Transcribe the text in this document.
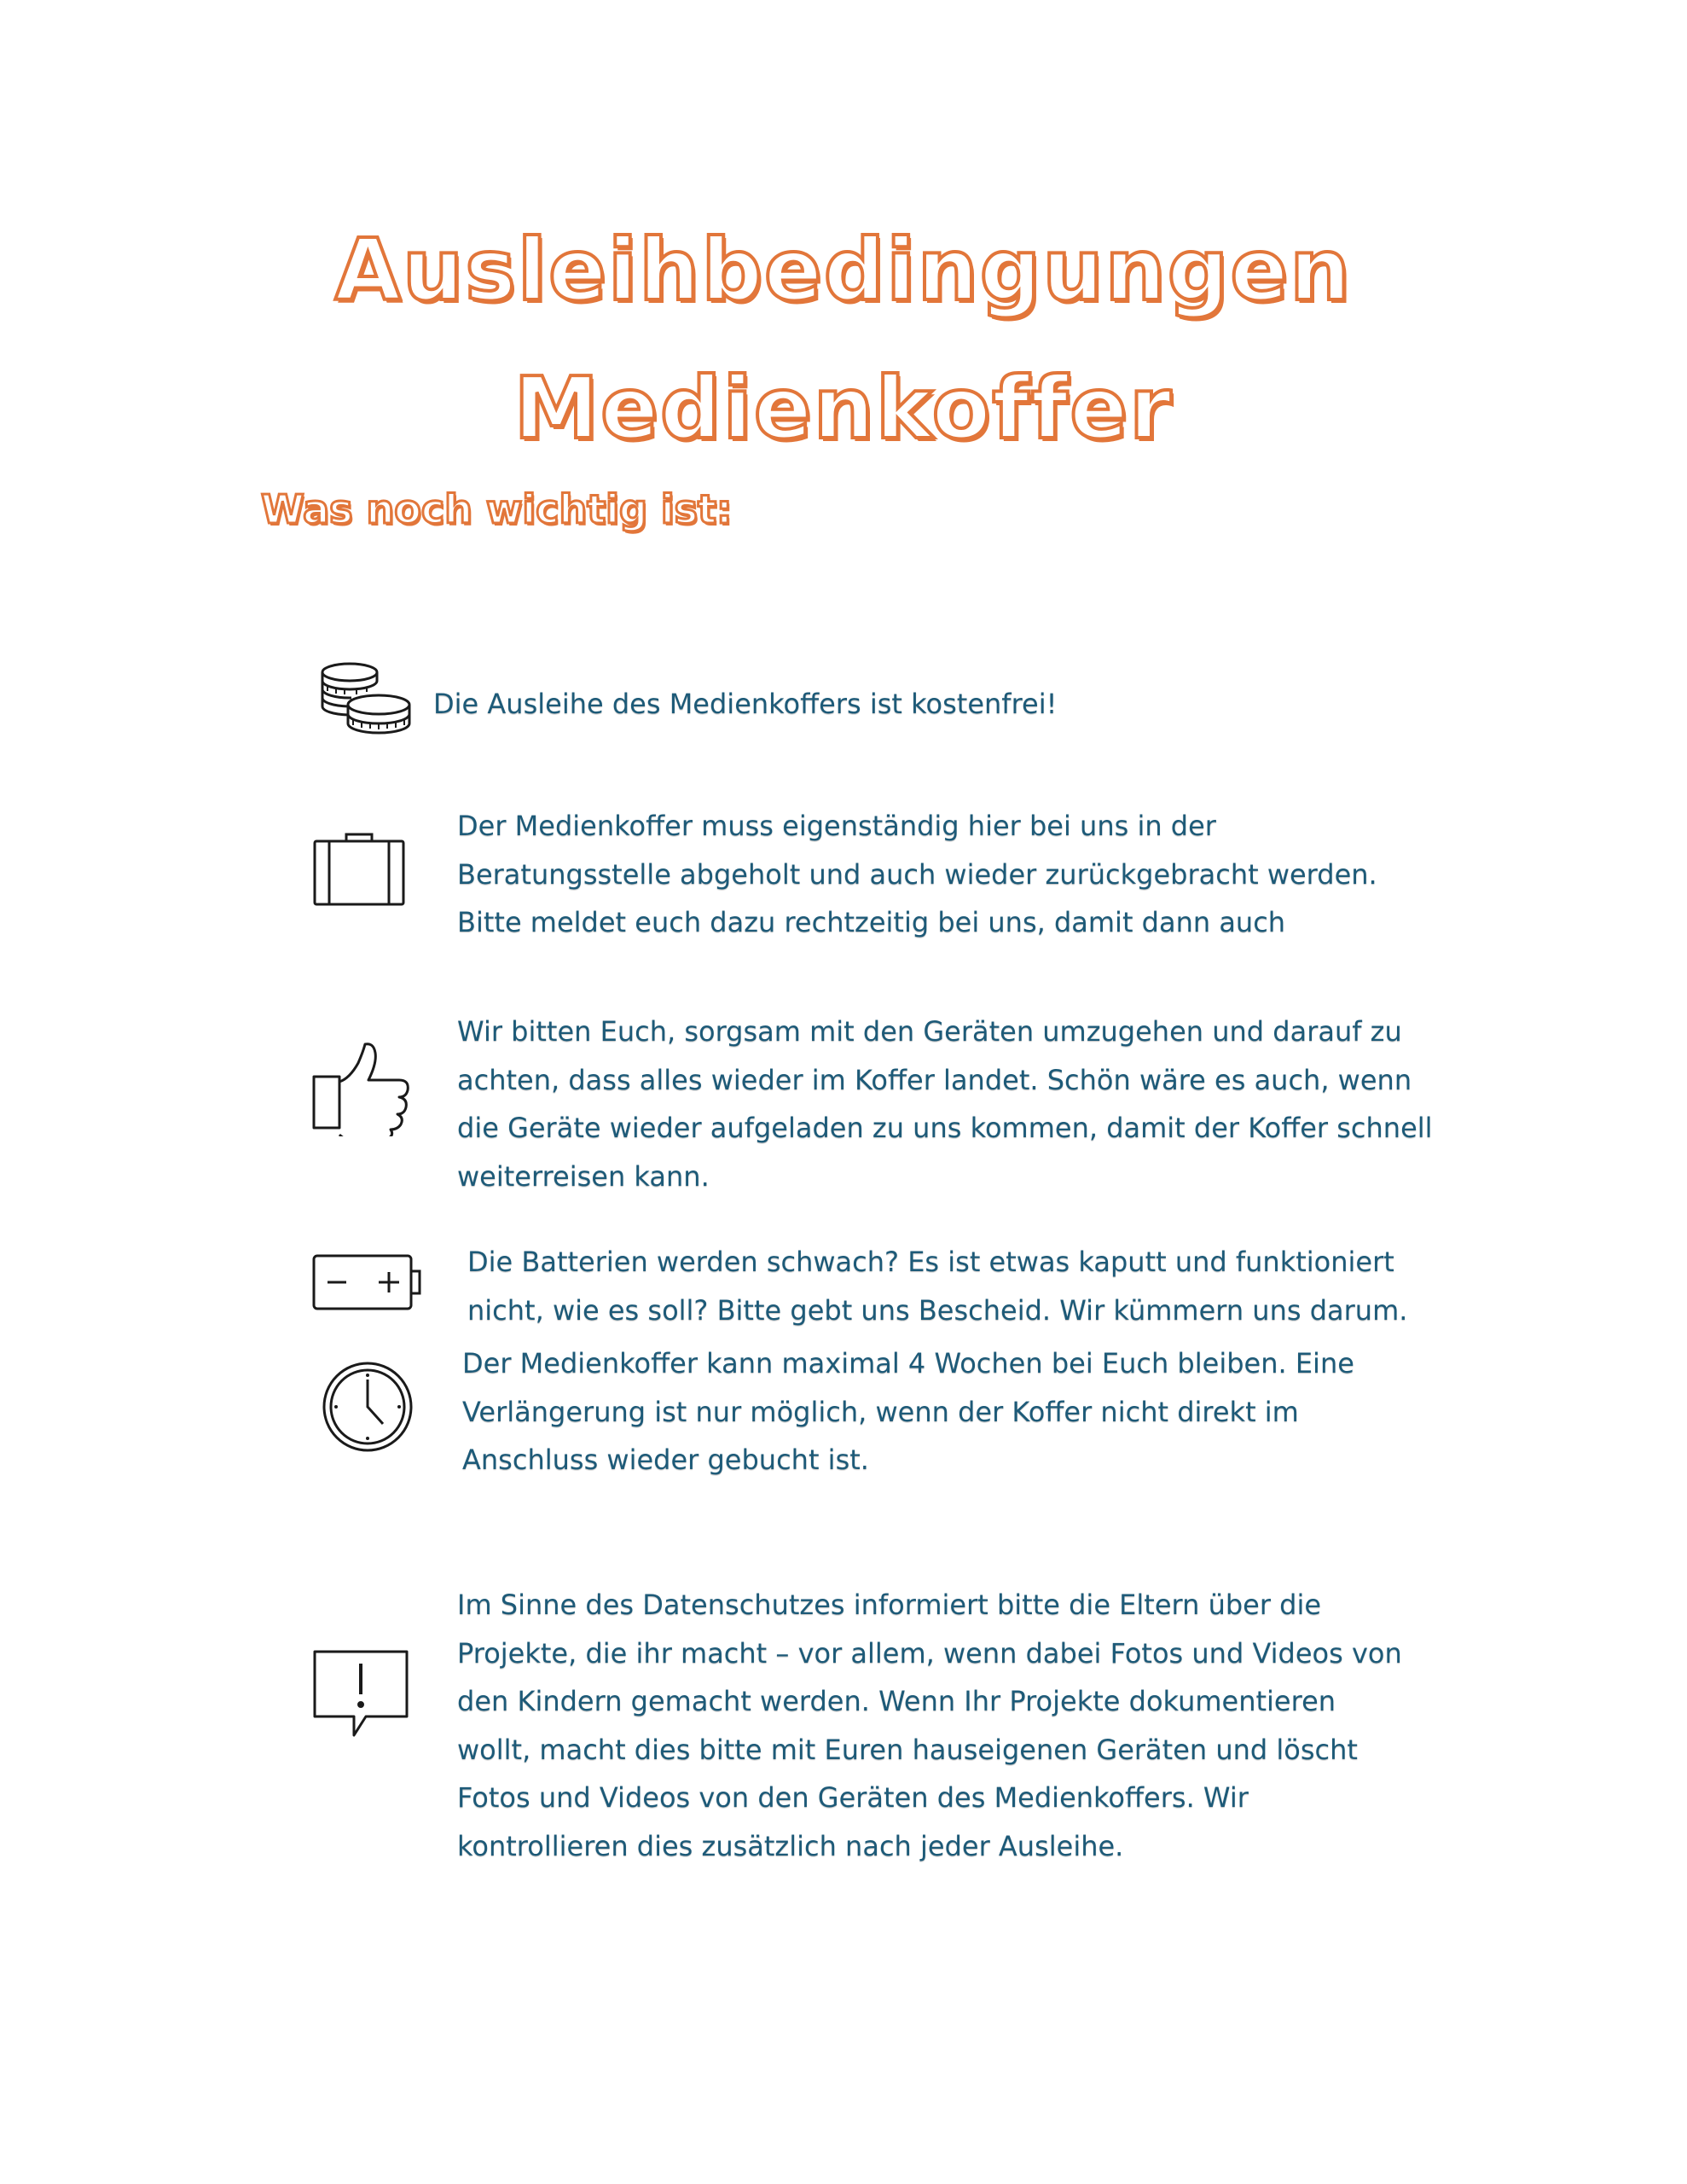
Ausleihbedingungen
Medienkoffer
Was noch wichtig ist:
Die Ausleihe des Medienkoffers ist kostenfrei!
Der Medienkoffer muss eigenständig hier bei uns in der
Beratungsstelle abgeholt und auch wieder zurückgebracht werden.
Bitte meldet euch dazu rechtzeitig bei uns, damit dann auch
Wir bitten Euch, sorgsam mit den Geräten umzugehen und darauf zu
achten, dass alles wieder im Koffer landet. Schön wäre es auch, wenn
die Geräte wieder aufgeladen zu uns kommen, damit der Koffer schnell
weiterreisen kann.
Die Batterien werden schwach? Es ist etwas kaputt und funktioniert
nicht, wie es soll? Bitte gebt uns Bescheid. Wir kümmern uns darum.
Der Medienkoffer kann maximal 4 Wochen bei Euch bleiben. Eine
Verlängerung ist nur möglich, wenn der Koffer nicht direkt im
Anschluss wieder gebucht ist.
Im Sinne des Datenschutzes informiert bitte die Eltern über die
Projekte, die ihr macht – vor allem, wenn dabei Fotos und Videos von
den Kindern gemacht werden. Wenn Ihr Projekte dokumentieren
wollt, macht dies bitte mit Euren hauseigenen Geräten und löscht
Fotos und Videos von den Geräten des Medienkoffers. Wir
kontrollieren dies zusätzlich nach jeder Ausleihe.
